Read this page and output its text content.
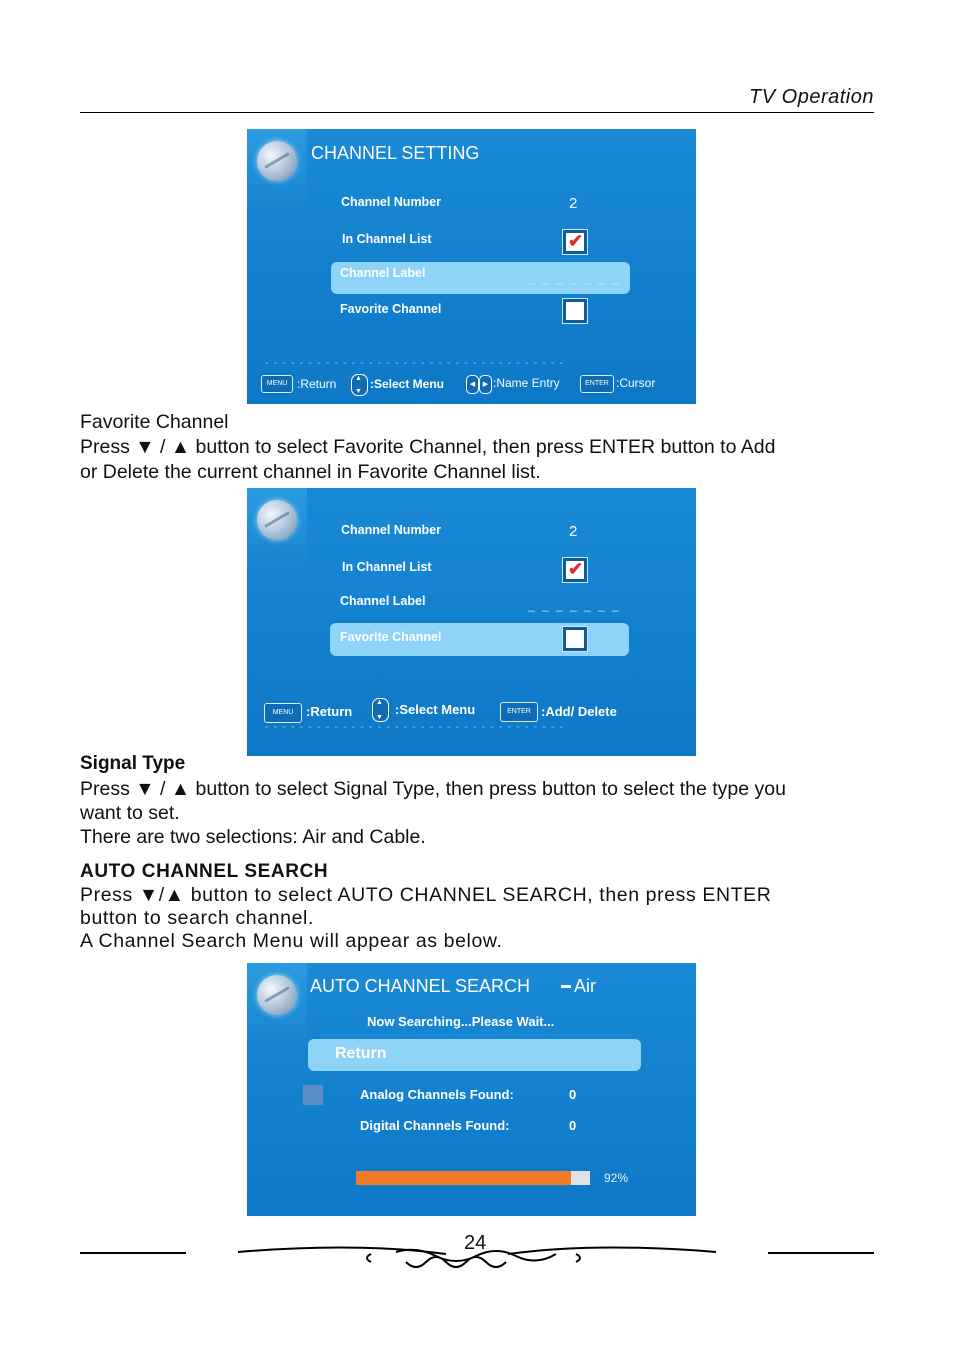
TV Operation
CHANNEL SETTING
Channel Number	2
In Channel List	✔
Channel Label	_ _ _ _ _ _ _
Favorite Channel
-----------------------------------
MENU :Return ▲ ▼	:Select Menu	◀	▶ :Name Entry	ENTER :Cursor
Favorite Channel
Press ▼ / ▲ button to select Favorite Channel, then press ENTER button to Add
or Delete the current channel in Favorite Channel list.
Channel Number	2
In Channel List	✔
Channel Label	_ _ _ _ _ _ _
Favorite Channel
MENU :Return ▲ ▼	:Select Menu	ENTER :Add/ Delete
-----------------------------------
Signal Type
Press ▼ / ▲ button to select Signal Type, then press button to select the type you
want to set.
There are two selections: Air and Cable.
AUTO CHANNEL SEARCH
Press ▼/▲ button to select AUTO CHANNEL SEARCH, then press ENTER
button to search channel.
A Channel Search Menu will appear as below.
AUTO CHANNEL SEARCH Air
Now Searching...Please Wait...
Return
Analog Channels Found:	0
Digital Channels Found:	0
92%
24
